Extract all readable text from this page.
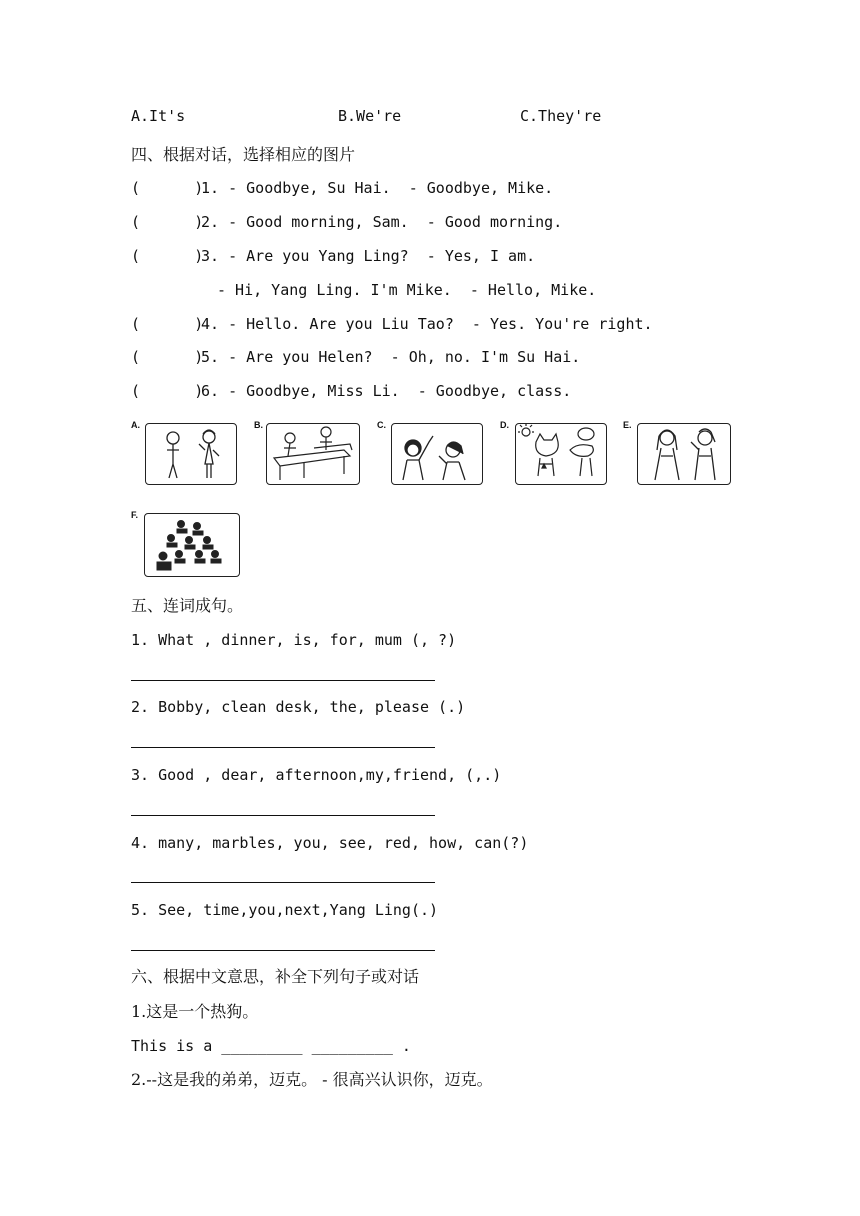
A.It's	B.We're	C.They're
四、根据对话，选择相应的图片
(      )
1. - Goodbye, Su Hai.  - Goodbye, Mike.
(      )
2. - Good morning, Sam.  - Good morning.
(      )
3. - Are you Yang Ling?  - Yes, I am.
- Hi, Yang Ling. I'm Mike.  - Hello, Mike.
(      )
4. - Hello. Are you Liu Tao?  - Yes. You're right.
(      )
5. - Are you Helen?  - Oh, no. I'm Su Hai.
(      )
6. - Goodbye, Miss Li.  - Goodbye, class.
A.	B.	C.	D.	E.
F.
五、连词成句。
1. What , dinner, is, for, mum (, ?)
2. Bobby, clean desk, the, please (.)
3. Good , dear, afternoon,my,friend, (,.)
4. many, marbles, you, see, red, how, can(?)
5. See, time,you,next,Yang Ling(.)
六、根据中文意思，补全下列句子或对话
1.这是一个热狗。
This is a _________ _________ .
2.--这是我的弟弟，迈克。 - 很高兴认识你，迈克。
